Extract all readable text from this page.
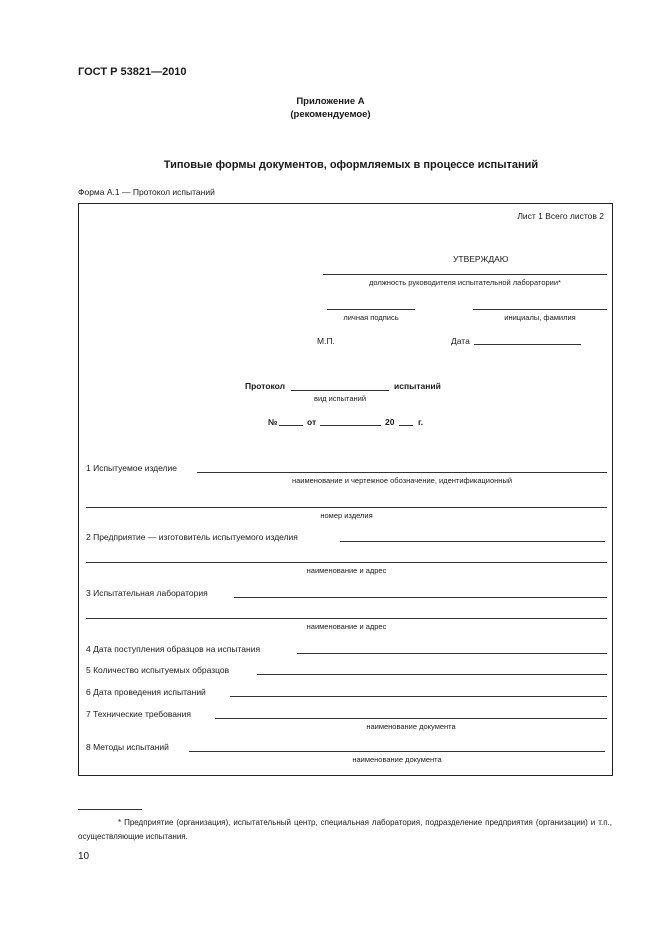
ГОСТ Р 53821—2010
Приложение А
(рекомендуемое)
Типовые формы документов, оформляемых в процессе испытаний
Форма А.1 — Протокол испытаний
Лист 1 Всего листов 2
УТВЕРЖДАЮ
должность руководителя испытательной лаборатории*
личная подпись	инициалы, фамилия
М.П.	Дата
Протокол	испытаний
вид испытаний
№	от	20	г.
1 Испытуемое изделие
наименование и чертежное обозначение, идентификационный
номер изделия
2 Предприятие — изготовитель испытуемого изделия
наименование и адрес
3 Испытательная лаборатория
наименование и адрес
4 Дата поступления образцов на испытания
5 Количество испытуемых образцов
6 Дата проведения испытаний
7 Технические требования
наименование документа
8 Методы испытаний
наименование документа
* Предприятие (организация), испытательный центр, специальная лаборатория, подразделение предприятия (организации) и т.п., осуществляющие испытания.
10
